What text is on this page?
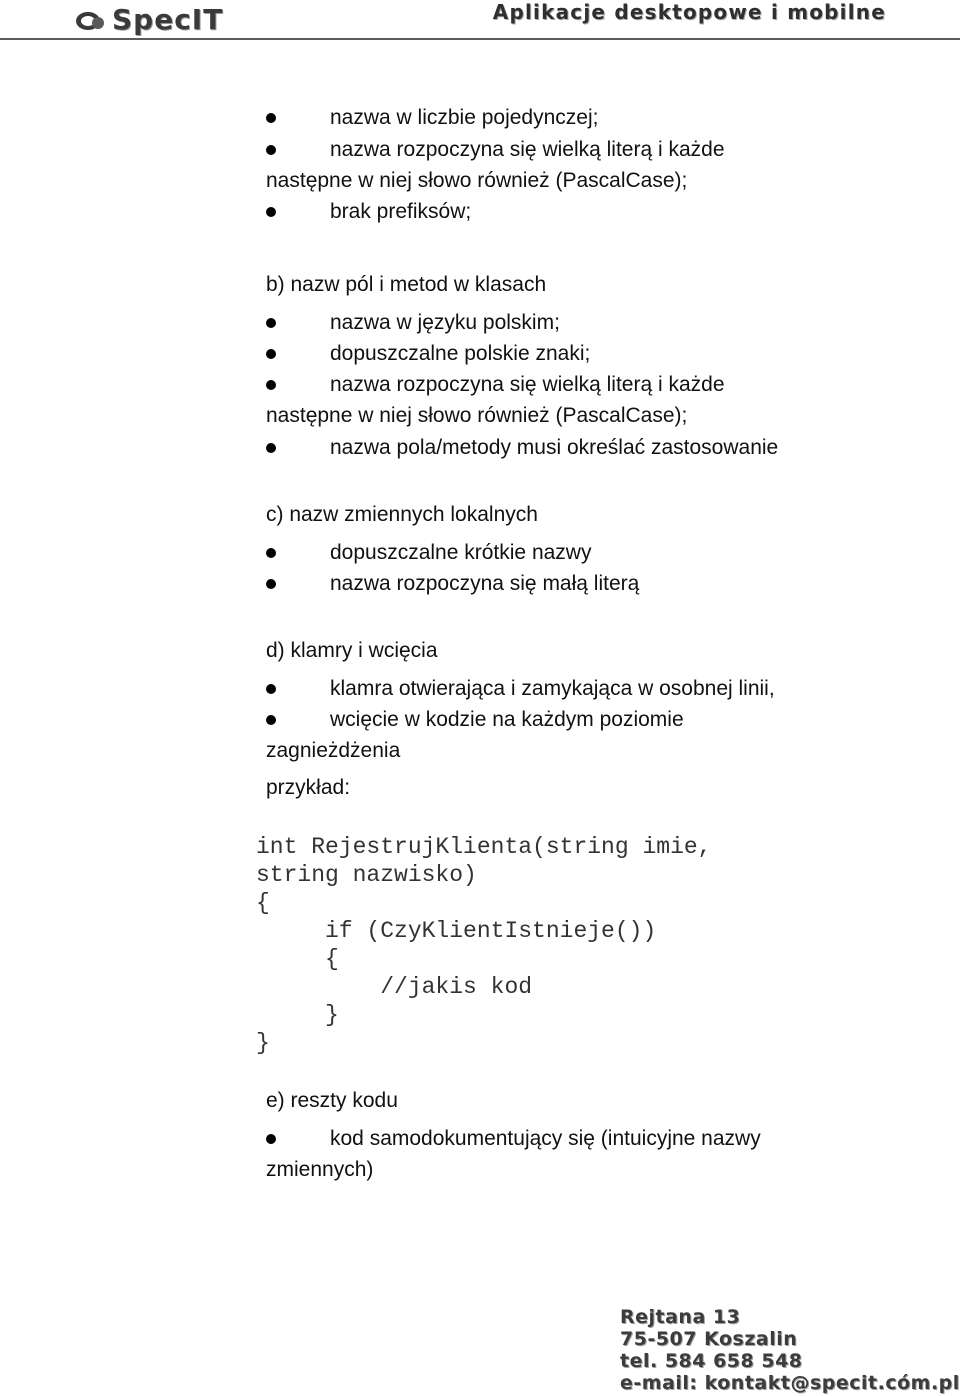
SpecIT	Aplikacje desktopowe i mobilne
nazwa w liczbie pojedynczej;
nazwa rozpoczyna się wielką literą i każde
następne w niej słowo również (PascalCase);
brak prefiksów;
b) nazw pól i metod w klasach
nazwa w języku polskim;
dopuszczalne polskie znaki;
nazwa rozpoczyna się wielką literą i każde
następne w niej słowo również (PascalCase);
nazwa pola/metody musi określać zastosowanie
c) nazw zmiennych lokalnych
dopuszczalne krótkie nazwy
nazwa rozpoczyna się małą literą
d) klamry i wcięcia
klamra otwierająca i zamykająca w osobnej linii,
wcięcie w kodzie na każdym poziomie
zagnieżdżenia
przykład:
int RejestrujKlienta(string imie,
string nazwisko)
{
if (CzyKlientIstnieje())
{
//jakis kod
}
}
e) reszty kodu
kod samodokumentujący się (intuicyjne nazwy
zmiennych)
Rejtana 13
75-507 Koszalin
tel. 584 658 548
e-mail: kontakt@specit.cóm.pl
